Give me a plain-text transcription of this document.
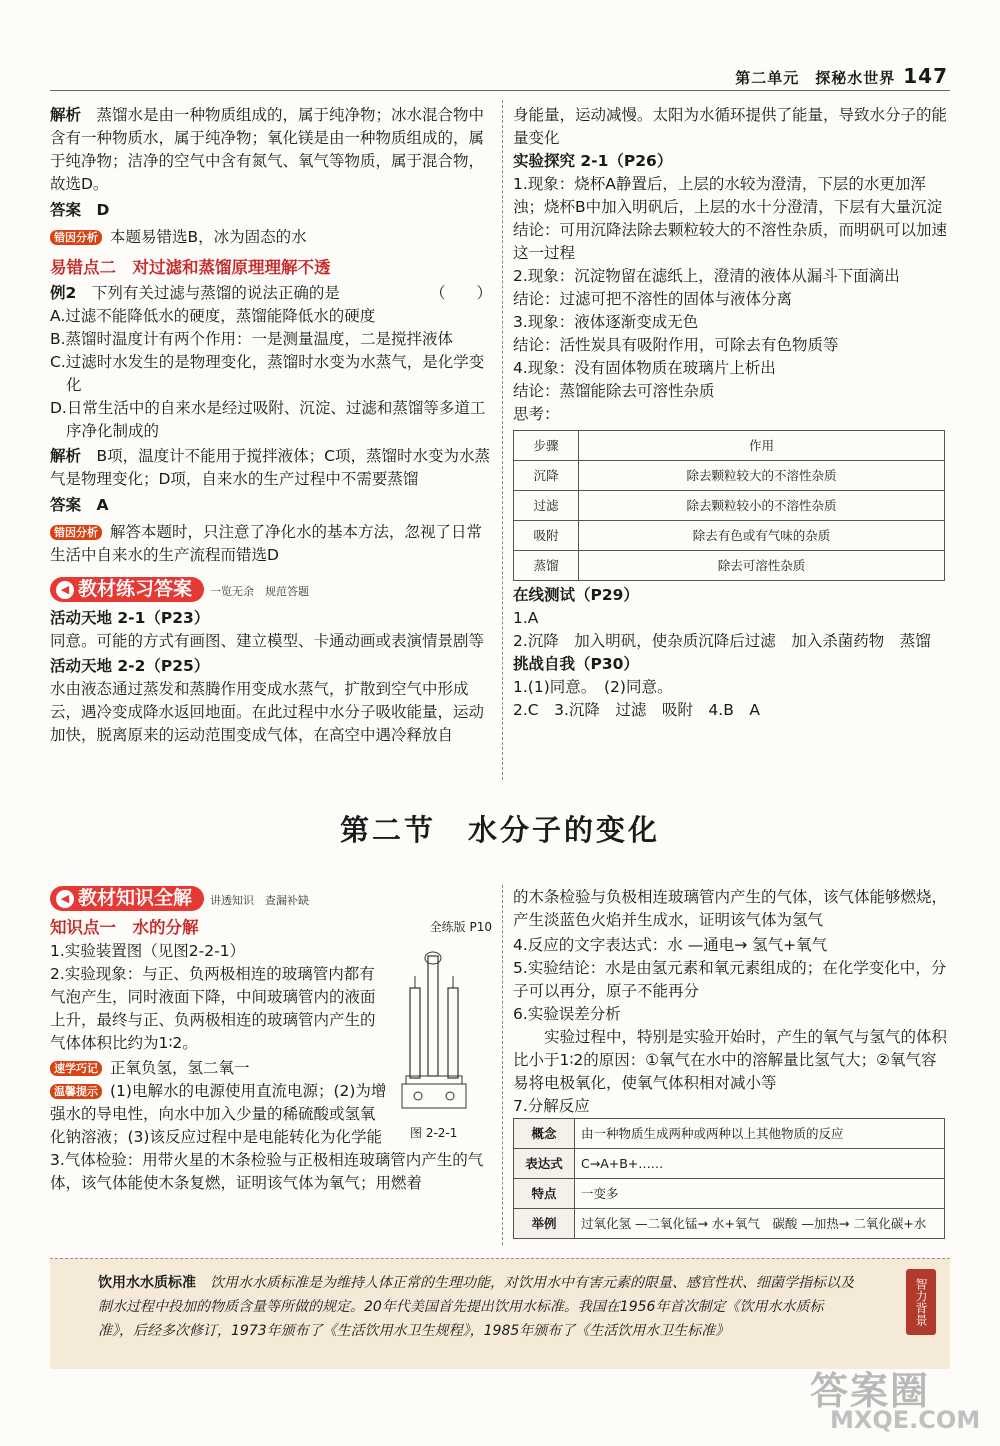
第二单元　探秘水世界 147

解析　 蒸馏水是由一种物质组成的，属于纯净物；冰水混合物中含有一种物质水，属于纯净物；氧化镁是由一种物质组成的，属于纯净物；洁净的空气中含有氮气、氧气等物质，属于混合物，故选D。

答案　 D

错因分析 本题易错选B，冰为固态的水

易错点二　对过滤和蒸馏原理理解不透

例2　 下列有关过滤与蒸馏的说法正确的是	（　　）

A.过滤不能降低水的硬度，蒸馏能降低水的硬度

B.蒸馏时温度计有两个作用：一是测量温度，二是搅拌液体

C.过滤时水发生的是物理变化，蒸馏时水变为水蒸气，是化学变化

D.日常生活中的自来水是经过吸附、沉淀、过滤和蒸馏等多道工序净化制成的

解析　 B项，温度计不能用于搅拌液体；C项，蒸馏时水变为水蒸气是物理变化；D项，自来水的生产过程中不需要蒸馏

答案　 A

错因分析 解答本题时，只注意了净化水的基本方法，忽视了日常生活中自来水的生产流程而错选D

◀ 教材练习答案 一览无余　规范答题

活动天地 2-1（P23）

同意。可能的方式有画图、建立模型、卡通动画或表演情景剧等

活动天地 2-2（P25）

水由液态通过蒸发和蒸腾作用变成水蒸气，扩散到空气中形成云，遇冷变成降水返回地面。在此过程中水分子吸收能量，运动加快，脱离原来的运动范围变成气体，在高空中遇冷释放自

身能量，运动减慢。太阳为水循环提供了能量，导致水分子的能量变化

实验探究 2-1（P26）

1.现象：烧杯A静置后，上层的水较为澄清，下层的水更加浑浊；烧杯B中加入明矾后，上层的水十分澄清，下层有大量沉淀

结论：可用沉降法除去颗粒较大的不溶性杂质，而明矾可以加速这一过程

2.现象：沉淀物留在滤纸上，澄清的液体从漏斗下面滴出

结论：过滤可把不溶性的固体与液体分离

3.现象：液体逐渐变成无色

结论：活性炭具有吸附作用，可除去有色物质等

4.现象：没有固体物质在玻璃片上析出

结论：蒸馏能除去可溶性杂质

思考：

步骤	作用
沉降	除去颗粒较大的不溶性杂质
过滤	除去颗粒较小的不溶性杂质
吸附	除去有色或有气味的杂质
蒸馏	除去可溶性杂质

在线测试（P29）

1.A

2.沉降　加入明矾，使杂质沉降后过滤　加入杀菌药物　蒸馏

挑战自我（P30）

1.(1)同意。　(2)同意。

2.C　3.沉降　过滤　吸附　4.B　A

第二节　水分子的变化

◀ 教材知识全解 讲透知识　查漏补缺

知识点一　水的分解	全练版 P10

1.实验装置图（见图2-2-1）

2.实验现象：与正、负两极相连的玻璃管内都有气泡产生，同时液面下降，中间玻璃管内的液面上升，最终与正、负两极相连的玻璃管内产生的气体体积比约为1∶2。

速学巧记 正氧负氢，氢二氧一

温馨提示 (1)电解水的电源使用直流电源；(2)为增强水的导电性，向水中加入少量的稀硫酸或氢氧化钠溶液；(3)该反应过程中是电能转化为化学能

3.气体检验：用带火星的木条检验与正极相连玻璃管内产生的气体，该气体能使木条复燃，证明该气体为氧气；用燃着

图 2-2-1

的木条检验与负极相连玻璃管内产生的气体，该气体能够燃烧，产生淡蓝色火焰并生成水，证明该气体为氢气

4.反应的文字表达式：水 —通电→ 氢气+氧气

5.实验结论：水是由氢元素和氧元素组成的；在化学变化中，分子可以再分，原子不能再分

6.实验误差分析

实验过程中，特别是实验开始时，产生的氧气与氢气的体积比小于1∶2的原因：①氧气在水中的溶解量比氢气大；②氧气容易将电极氧化，使氧气体积相对减小等

7.分解反应

概念	由一种物质生成两种或两种以上其他物质的反应
表达式	C→A+B+……
特点	一变多
举例	过氧化氢 —二氧化锰→ 水+氧气　碳酸 —加热→ 二氧化碳+水

饮用水水质标准　 饮用水水质标准是为维持人体正常的生理功能，对饮用水中有害元素的限量、感官性状、细菌学指标以及制水过程中投加的物质含量等所做的规定。20年代美国首先提出饮用水标准。我国在1956年首次制定《饮用水水质标准》，后经多次修订，1973年颁布了《生活饮用水卫生规程》，1985年颁布了《生活饮用水卫生标准》

智力背景
答案圈
MXQE.COM
